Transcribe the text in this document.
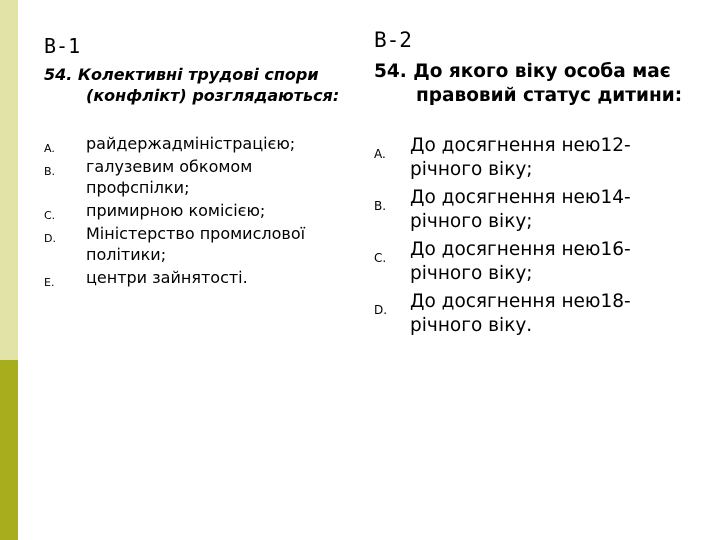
В-1

54. Колективні трудові спори (конфлікт) розглядаються:

A. райдержадміністрацією;
B. галузевим обкомом профспілки;
C. примирною комісією;
D. Міністерство промислової політики;
E. центри зайнятості.
В-2

54. До якого віку особа має правовий статус дитини:

A. До досягнення нею12-річного віку;
B. До досягнення нею14-річного віку;
C. До досягнення нею16-річного віку;
D. До досягнення нею18-річного віку.
